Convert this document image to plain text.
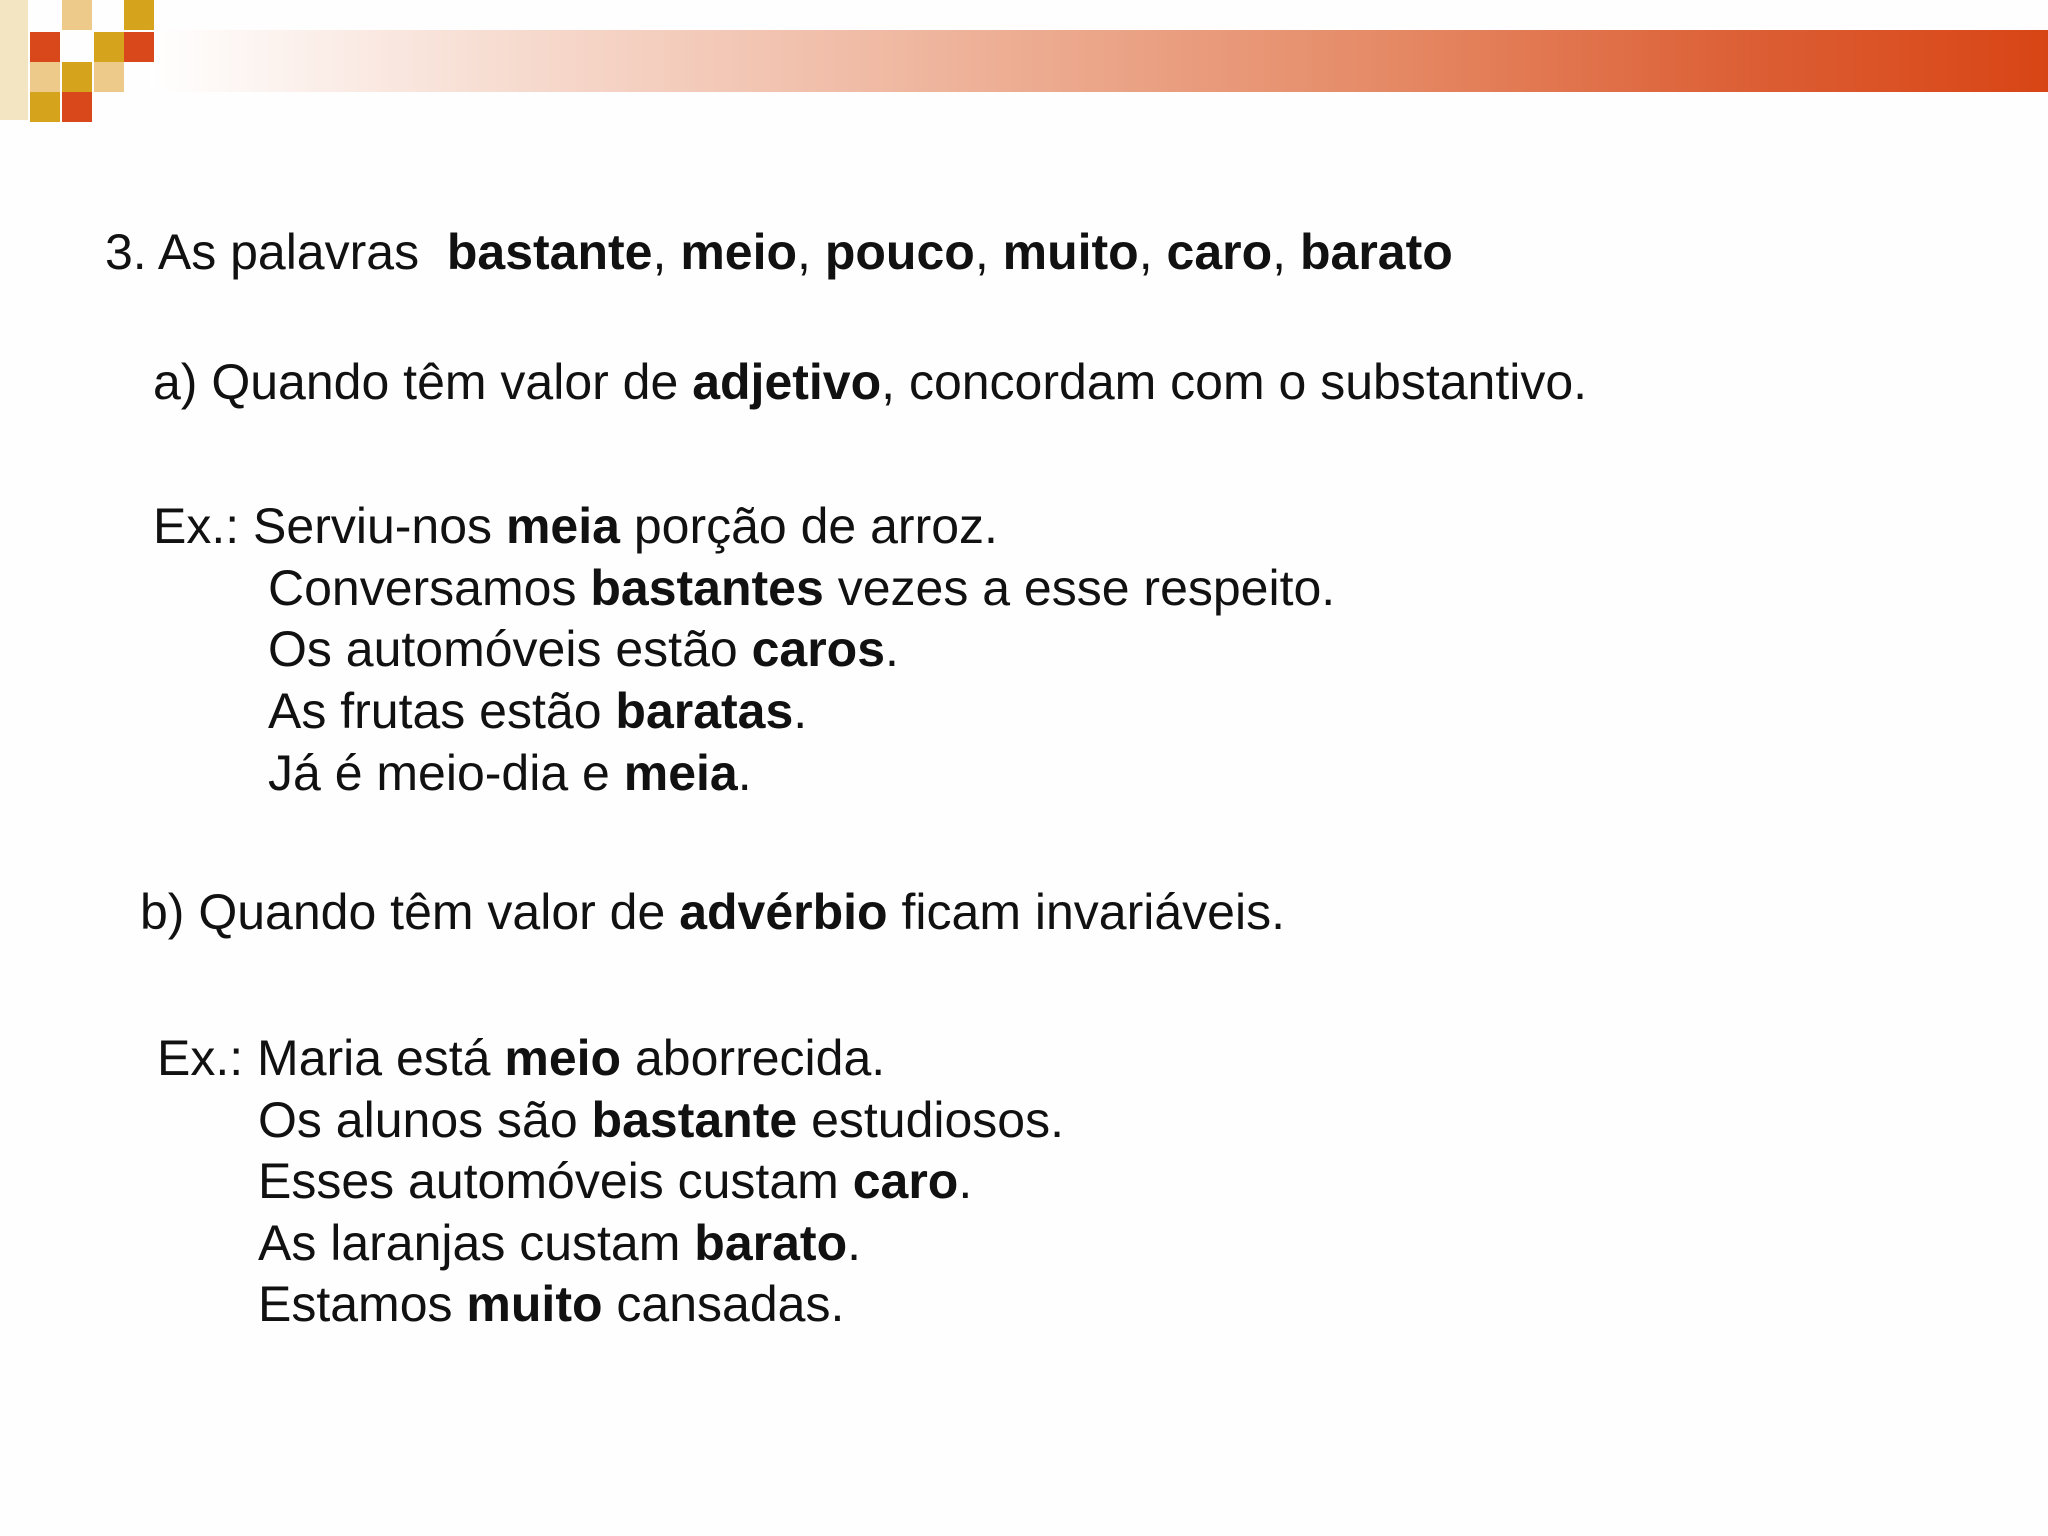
3. As palavras bastante, meio, pouco, muito, caro, barato
a) Quando têm valor de adjetivo, concordam com o substantivo.
Ex.: Serviu-nos meia porção de arroz.
Conversamos bastantes vezes a esse respeito.
Os automóveis estão caros.
As frutas estão baratas.
Já é meio-dia e meia.
b) Quando têm valor de advérbio ficam invariáveis.
Ex.: Maria está meio aborrecida.
Os alunos são bastante estudiosos.
Esses automóveis custam caro.
As laranjas custam barato.
Estamos muito cansadas.
